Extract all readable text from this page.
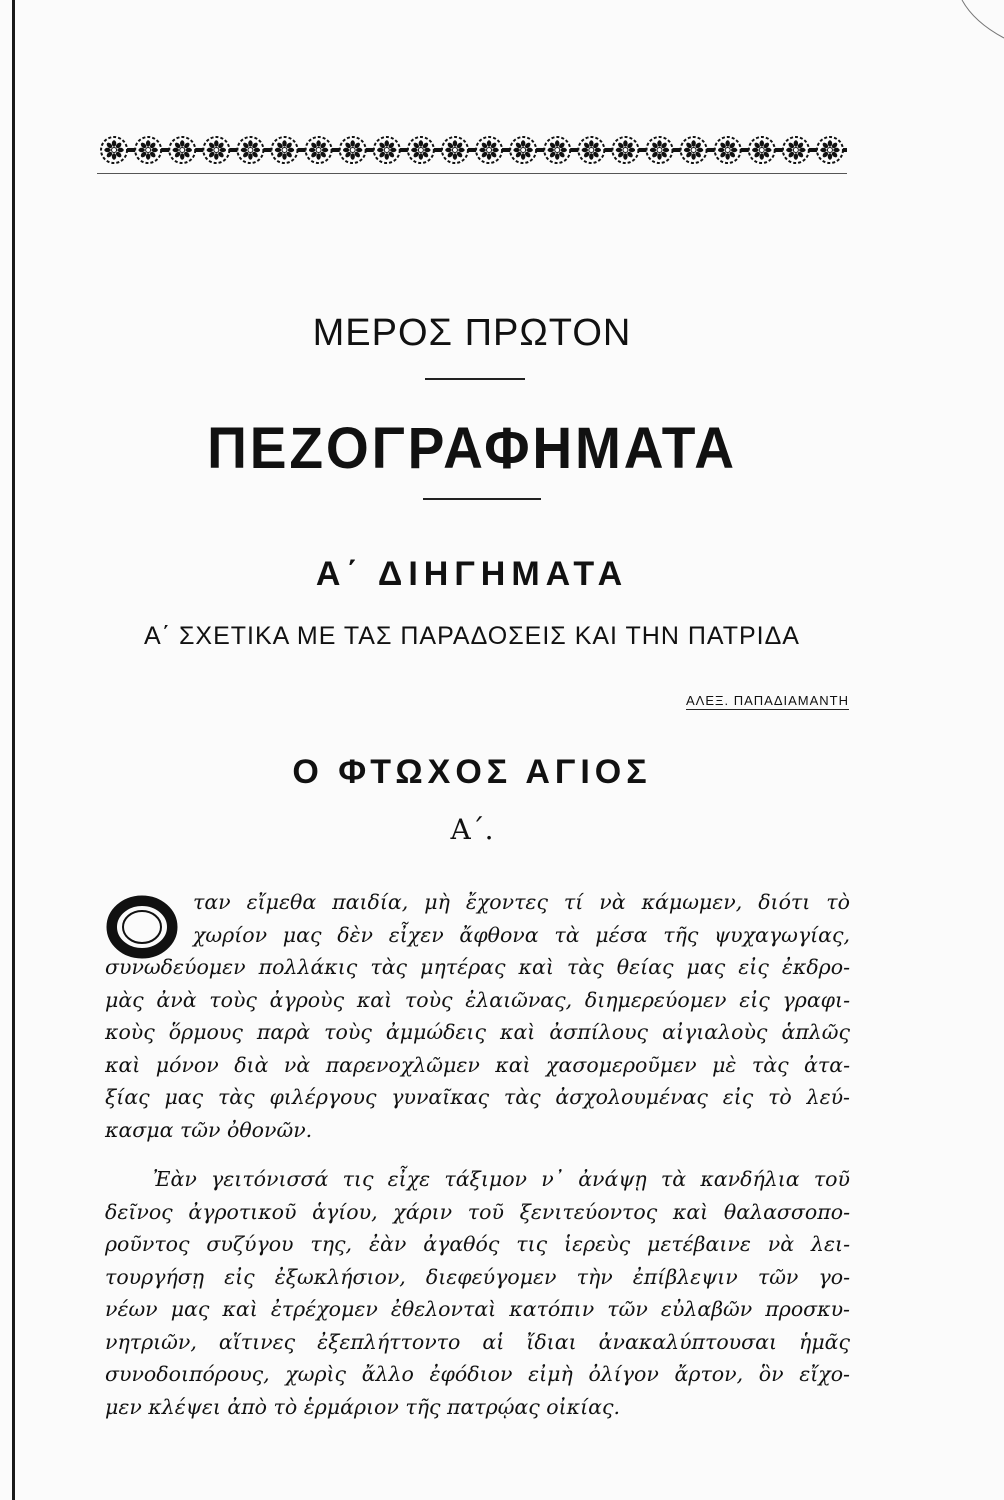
ΜΕΡΟΣ ΠΡΩΤΟΝ
ΠΕΖΟΓΡΑΦΗΜΑΤΑ
Α΄ ΔΙΗΓΗΜΑΤΑ
Α΄ ΣΧΕΤΙΚΑ ΜΕ ΤΑΣ ΠΑΡΑΔΟΣΕΙΣ ΚΑΙ ΤΗΝ ΠΑΤΡΙΔΑ
ΑΛΕΞ. ΠΑΠΑΔΙΑΜΑΝΤΗ
Ο ΦΤΩΧΟΣ ΑΓΙΟΣ
Α΄.
ταν εἴμεθα παιδία, μὴ ἔχοντες τί νὰ κάμωμεν, διότι τὸ
χωρίον μας δὲν εἶχεν ἄφθονα τὰ μέσα τῆς ψυχαγωγίας,
συνωδεύομεν πολλάκις τὰς μητέρας καὶ τὰς θείας μας εἰς ἐκδρο-
μὰς ἀνὰ τοὺς ἀγροὺς καὶ τοὺς ἐλαιῶνας, διημερεύομεν εἰς γραφι-
κοὺς ὅρμους παρὰ τοὺς ἀμμώδεις καὶ ἀσπίλους αἰγιαλοὺς ἁπλῶς
καὶ μόνον διὰ νὰ παρενοχλῶμεν καὶ χασομεροῦμεν μὲ τὰς ἀτα-
ξίας μας τὰς φιλέργους γυναῖκας τὰς ἀσχολουμένας εἰς τὸ λεύ-
κασμα τῶν ὀθονῶν.
Ἐὰν γειτόνισσά τις εἶχε τάξιμον ν᾿ ἀνάψῃ τὰ κανδήλια τοῦ
δεῖνος ἀγροτικοῦ ἁγίου, χάριν τοῦ ξενιτεύοντος καὶ θαλασσοπο-
ροῦντος συζύγου της, ἐὰν ἀγαθός τις ἱερεὺς μετέβαινε νὰ λει-
τουργήσῃ εἰς ἐξωκλήσιον, διεφεύγομεν τὴν ἐπίβλεψιν τῶν γο-
νέων μας καὶ ἐτρέχομεν ἐθελονταὶ κατόπιν τῶν εὐλαβῶν προσκυ-
νητριῶν, αἵτινες ἐξεπλήττοντο αἱ ἴδιαι ἀνακαλύπτουσαι ἡμᾶς
συνοδοιπόρους, χωρὶς ἄλλο ἐφόδιον εἰμὴ ὀλίγον ἄρτον, ὃν εἴχο-
μεν κλέψει ἀπὸ τὸ ἑρμάριον τῆς πατρῴας οἰκίας.
